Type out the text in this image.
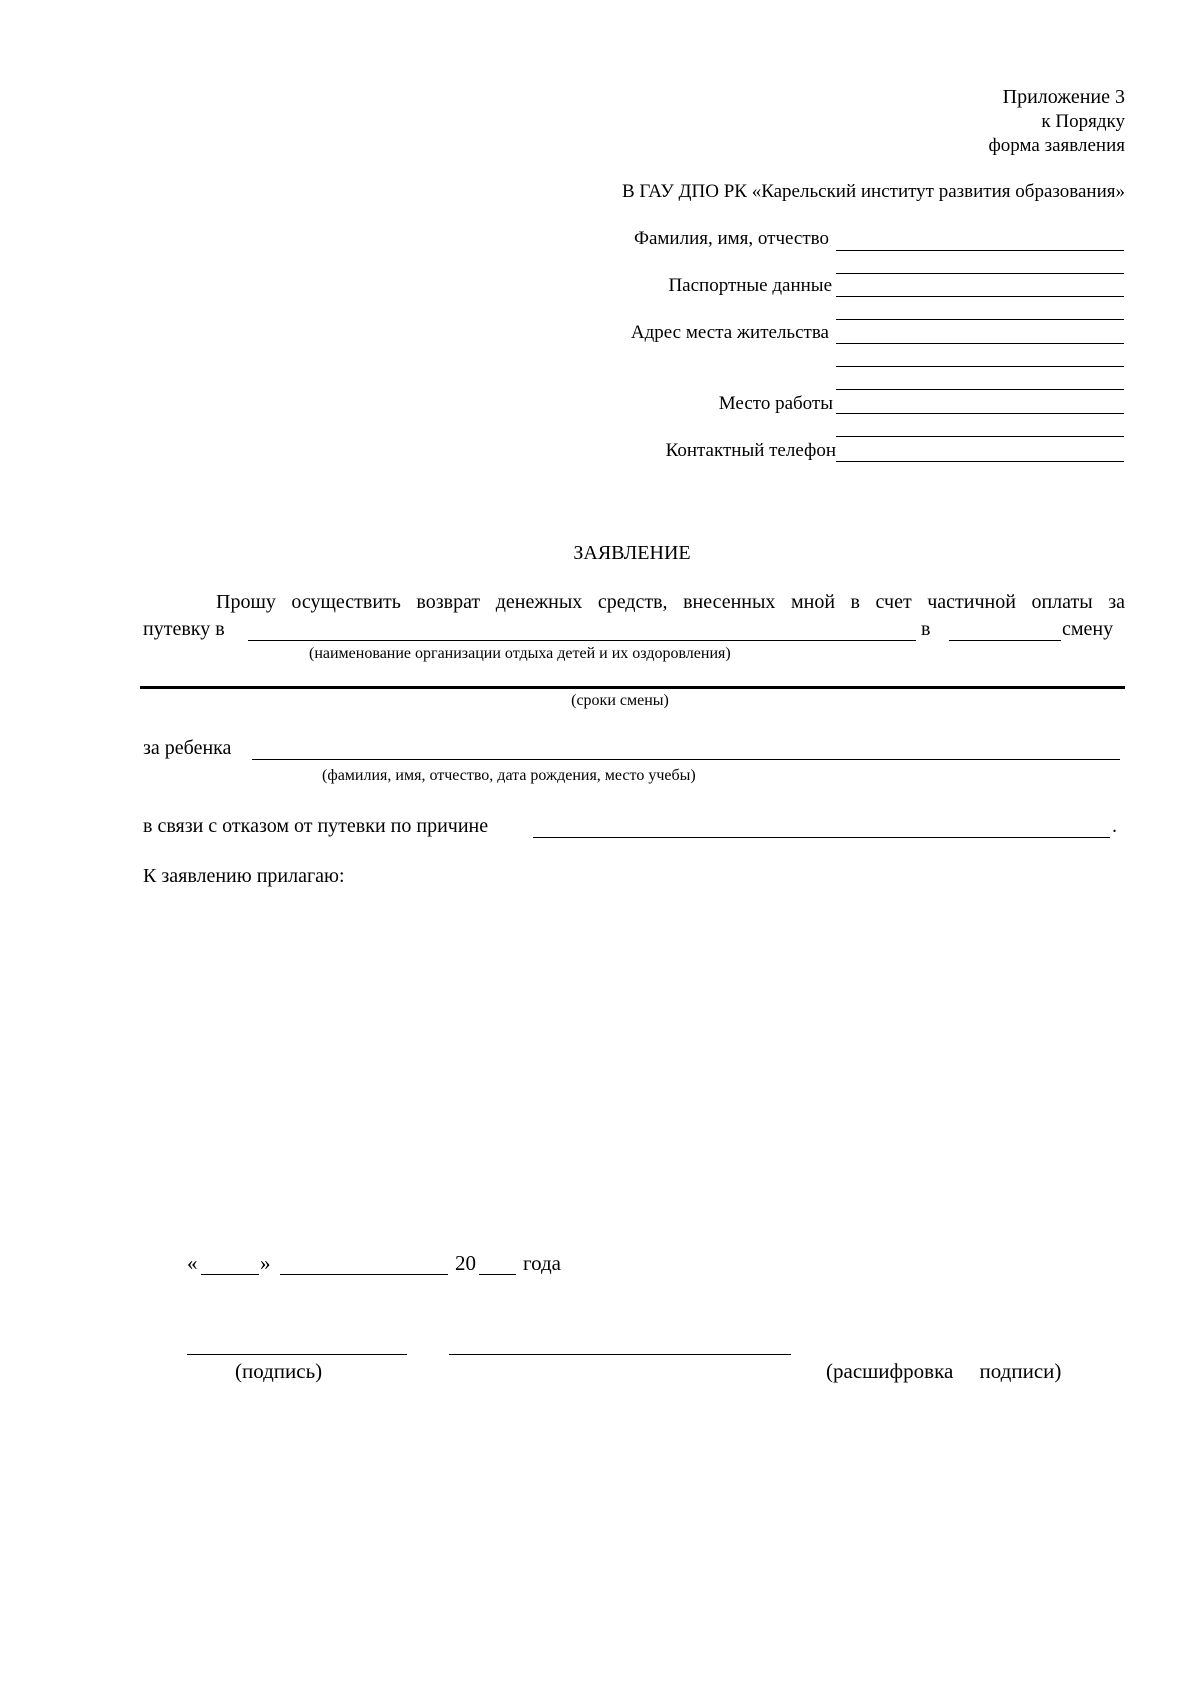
Приложение 3
к Порядку
форма заявления
В ГАУ ДПО РК «Карельский институт развития образования»
Фамилия, имя, отчество
Паспортные данные
Адрес места жительства
Место работы
Контактный телефон
ЗАЯВЛЕНИЕ
Прошу осуществить возврат денежных средств, внесенных мной в счет частичной оплаты за
путевку в	в	смену
(наименование организации отдыха детей и их оздоровления)
(сроки смены)
за ребенка
(фамилия, имя, отчество, дата рождения, место учебы)
в связи с отказом от путевки по причине	.
К заявлению прилагаю:
«	»	20 года
(подпись)	(расшифровка     подписи)
